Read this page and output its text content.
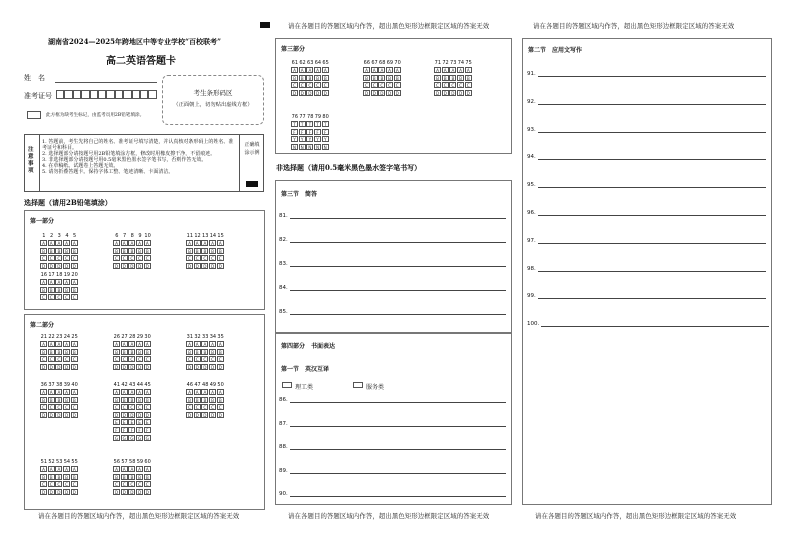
请在各题目的答题区域内作答，超出黑色矩形边框限定区域的答案无效	请在各题目的答题区域内作答，超出黑色矩形边框限定区域的答案无效
湖南省2024—2025年跨地区中等专业学校“百校联考”
高二英语答题卡
姓　名
准考证号	考生条形码区
（正面朝上，切勿贴出虚线方框）
此方框为缺考生标记，由监考员用2B铅笔填涂。
注意事项
1. 答题前，考生先将自己的姓名、准考证号填写清楚，并认真核对条形码上的姓名、准考证号和科目。
2. 选择题部分请按题号用2B铅笔填涂方框，修改时用橡皮擦干净，不留痕迹。
3. 非选择题部分请按题号用0.5毫米黑色墨水签字笔书写，否则作答无效。
4. 在草稿纸、试题卷上答题无效。
5. 请勿折叠答题卡。保持字体工整、笔迹清晰、卡面清洁。
正确填涂示例
选择题（请用2B铅笔填涂）
第一部分
第二部分
1 2 3 4 5
A	A	A	A	A
B	B	B	B	B
C	C	C	C	C
D	D	D	D	D
6 7 8 9 10
A	A	A	A	A
B	B	B	B	B
C	C	C	C	C
D	D	D	D	D
11 12 13 14 15
A	A	A	A	A
B	B	B	B	B
C	C	C	C	C
D	D	D	D	D
16 17 18 19 20
A	A	A	A	A
B	B	B	B	B
C	C	C	C	C
21 22 23 24 25
A	A	A	A	A
B	B	B	B	B
C	C	C	C	C
D	D	D	D	D
26 27 28 29 30
A	A	A	A	A
B	B	B	B	B
C	C	C	C	C
D	D	D	D	D
31 32 33 34 35
A	A	A	A	A
B	B	B	B	B
C	C	C	C	C
D	D	D	D	D
36 37 38 39 40
A	A	A	A	A
B	B	B	B	B
C	C	C	C	C
D	D	D	D	D
41 42 43 44 45
A	A	A	A	A
B	B	B	B	B
C	C	C	C	C
D	D	D	D	D
E	E	E	E	E
F	F	F	F	F
G	G	G	G	G
46 47 48 49 50
A	A	A	A	A
B	B	B	B	B
C	C	C	C	C
D	D	D	D	D
51 52 53 54 55
A	A	A	A	A
B	B	B	B	B
C	C	C	C	C
D	D	D	D	D
56 57 58 59 60
A	A	A	A	A
B	B	B	B	B
C	C	C	C	C
D	D	D	D	D
请在各题目的答题区域内作答，超出黑色矩形边框限定区域的答案无效
第三部分
61 62 63 64 65
A	A	A	A	A
B	B	B	B	B
C	C	C	C	C
D	D	D	D	D
66 67 68 69 70
A	A	A	A	A
B	B	B	B	B
C	C	C	C	C
D	D	D	D	D
71 72 73 74 75
A	A	A	A	A
B	B	B	B	B
C	C	C	C	C
D	D	D	D	D
76 77 78 79 80
T	T	T	T	T
F	F	F	F	F
Y	Y	Y	Y	Y
N	N	N	N	N
非选择题（请用0.5毫米黑色墨水签字笔书写）
第三节　简答
第四部分　书面表达
第一节　英汉互译
理工类	服务类
请在各题目的答题区域内作答，超出黑色矩形边框限定区域的答案无效
第二节　应用文写作
请在各题目的答题区域内作答，超出黑色矩形边框限定区域的答案无效
81.
82.
83.
84.
85.
86.
87.
88.
89.
90.
91.
92.
93.
94.
95.
96.
97.
98.
99.
100.
